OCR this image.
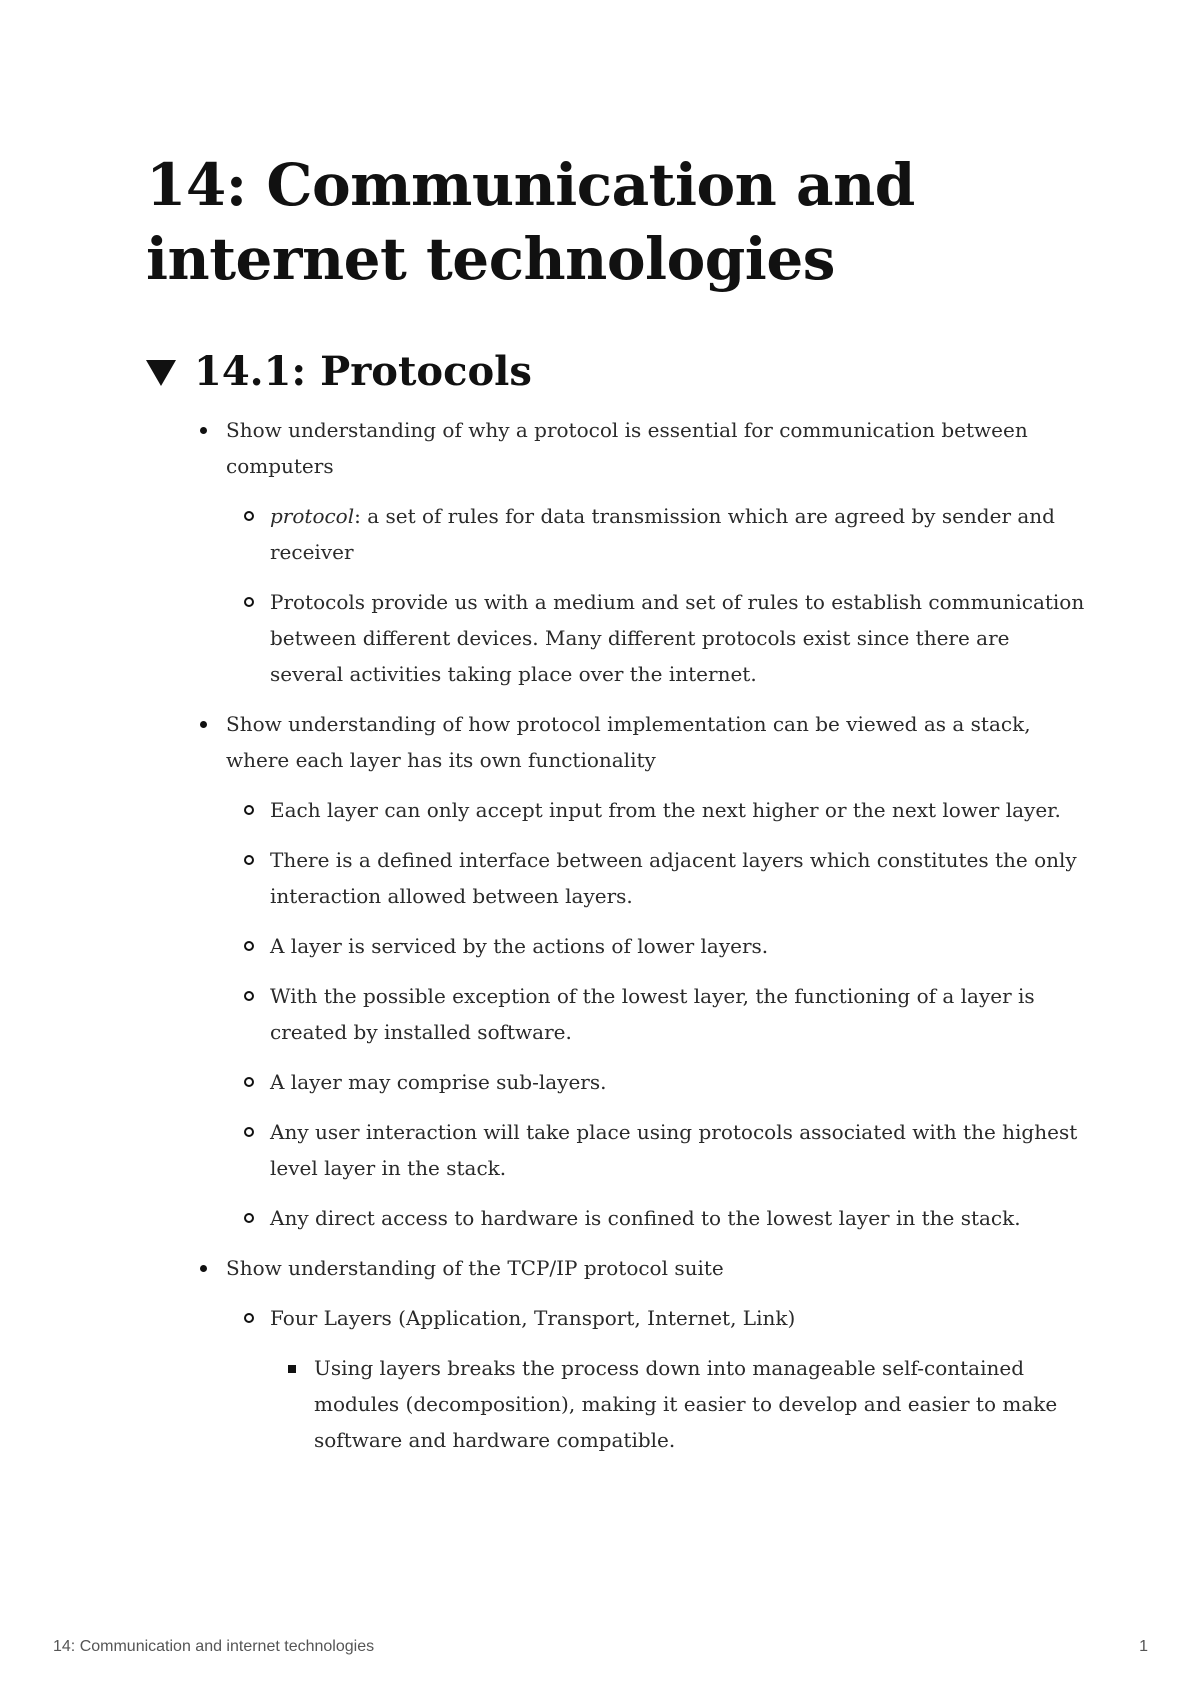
14: Communication and internet technologies
14.1: Protocols
Show understanding of why a protocol is essential for communication between computers
protocol: a set of rules for data transmission which are agreed by sender and receiver
Protocols provide us with a medium and set of rules to establish communication between different devices. Many different protocols exist since there are several activities taking place over the internet.
Show understanding of how protocol implementation can be viewed as a stack, where each layer has its own functionality
Each layer can only accept input from the next higher or the next lower layer.
There is a defined interface between adjacent layers which constitutes the only interaction allowed between layers.
A layer is serviced by the actions of lower layers.
With the possible exception of the lowest layer, the functioning of a layer is created by installed software.
A layer may comprise sub-layers.
Any user interaction will take place using protocols associated with the highest level layer in the stack.
Any direct access to hardware is confined to the lowest layer in the stack.
Show understanding of the TCP/IP protocol suite
Four Layers (Application, Transport, Internet, Link)
Using layers breaks the process down into manageable self-contained modules (decomposition), making it easier to develop and easier to make software and hardware compatible.
14: Communication and internet technologies	1
